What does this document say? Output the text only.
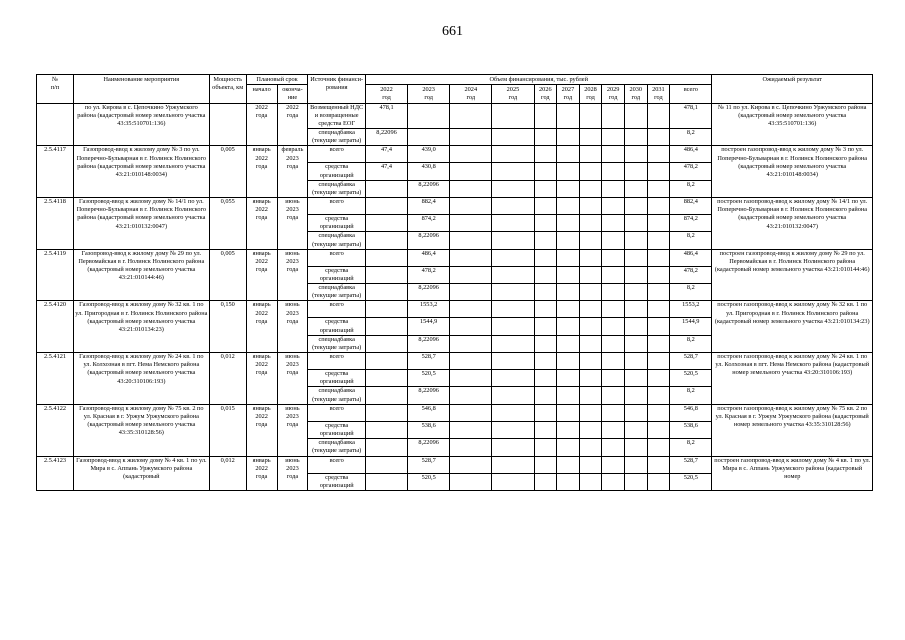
661
№
п/п	Наименование мероприятия	Мощность объекта, км	Плановый срок		Источник финанси-
рования	Объем финансирования, тыс. рублей											Ожидаемый результат
			начало	оконча-
ние		2022
год	2023
год	2024
год	2025
год	2026
год	2027
год	2028
год	2029
год	2030
год	2031
год	всего	

	по ул. Кирова в с. Цепочкино Уржумского района (кадастровый номер земельного участка 43:35:510701:136)		2022
года	2022
года	Возмещенный НДС и возвращенные средства ЕОГ	478,1										478,1	№ 11 по ул. Кирова в с. Цепочкино Уржумского района (кадастровый номер земельного участка 43:35:510701:136)
					спецнадбавка (текущие затраты)	8,22096										8,2	
2.5.4117	Газопровод-ввод к жилому дому № 3 по ул. Поперечно-Бульварная в г. Нолинск Нолинского района (кадастровый номер земельного участка 43:21:010148:0034)	0,005	январь
2022
года	февраль
2023
года	всего	47,4	439,0									486,4	построен газопровод-ввод к жилому дому № 3 по ул. Поперечно-Бульварная в г. Нолинск Нолинского района (кадастровый номер земельного участка 43:21:010148:0034)
					средства организаций	47,4	430,8									478,2	
					спецнадбавка (текущие затраты)		8,22096									8,2	
2.5.4118	Газопровод-ввод к жилому дому № 14/1 по ул. Поперечно-Бульварная в г. Нолинск Нолинского района (кадастровый номер земельного участка 43:21:010132:0047)	0,055	январь
2022
года	июнь
2023
года	всего		882,4									882,4	построен газопровод-ввод к жилому дому № 14/1 по ул. Поперечно-Бульварная в г. Нолинск Нолинского района (кадастровый номер земельного участка 43:21:010132:0047)
					средства организаций		874,2									874,2	
					спецнадбавка (текущие затраты)		8,22096									8,2	
2.5.4119	Газопровод-ввод к жилому дому № 29 по ул. Первомайская в г. Нолинск Нолинского района (кадастровый номер земельного участка 43:21:010144:46)	0,005	январь
2022
года	июнь
2023
года	всего		486,4									486,4	построен газопровод-ввод к жилому дому № 29 по ул. Первомайская в г. Нолинск Нолинского района (кадастровый номер земельного участка 43:21:010144:46)
					средства организаций		478,2									478,2	
					спецнадбавка (текущие затраты)		8,22096									8,2	
2.5.4120	Газопровод-ввод к жилому дому № 32 кв. 1 по ул. Пригородная в г. Нолинск Нолинского района (кадастровый номер земельного участка 43:21:010134:23)	0,150	январь
2022
года	июнь
2023
года	всего		1553,2									1553,2	построен газопровод-ввод к жилому дому № 32 кв. 1 по ул. Пригородная в г. Нолинск Нолинского района (кадастровый номер земельного участка 43:21:010134:23)
					средства организаций		1544,9									1544,9	
					спецнадбавка (текущие затраты)		8,22096									8,2	
2.5.4121	Газопровод-ввод к жилому дому № 24 кв. 1 по ул. Колхозная в пгт. Нема Немского района (кадастровый номер земельного участка 43:20:310106:193)	0,012	январь
2022
года	июнь
2023
года	всего		528,7									528,7	построен газопровод-ввод к жилому дому № 24 кв. 1 по ул. Колхозная в пгт. Нема Немского района (кадастровый номер земельного участка 43:20:310106:193)
					средства организаций		520,5									520,5	
					спецнадбавка (текущие затраты)		8,22096									8,2	
2.5.4122	Газопровод-ввод к жилому дому № 75 кв. 2 по ул. Красная в г. Уржум Уржумского района (кадастровый номер земельного участка 43:35:310128:56)	0,015	январь
2022
года	июнь
2023
года	всего		546,8									546,8	построен газопровод-ввод к жилому дому № 75 кв. 2 по ул. Красная в г. Уржум Уржумского района (кадастровый номер земельного участка 43:35:310128:56)
					средства организаций		538,6									538,6	
					спецнадбавка (текущие затраты)		8,22096									8,2	
2.5.4123	Газопровод-ввод к жилому дому № 4 кв. 1 по ул. Мира в с. Аппань Уржумского района (кадастровый	0,012	январь
2022
года	июнь
2023
года	всего		528,7									528,7	построен газопровод-ввод к жилому дому № 4 кв. 1 по ул. Мира в с. Аппань Уржумского района (кадастровый номер
					средства организаций		520,5									520,5	
